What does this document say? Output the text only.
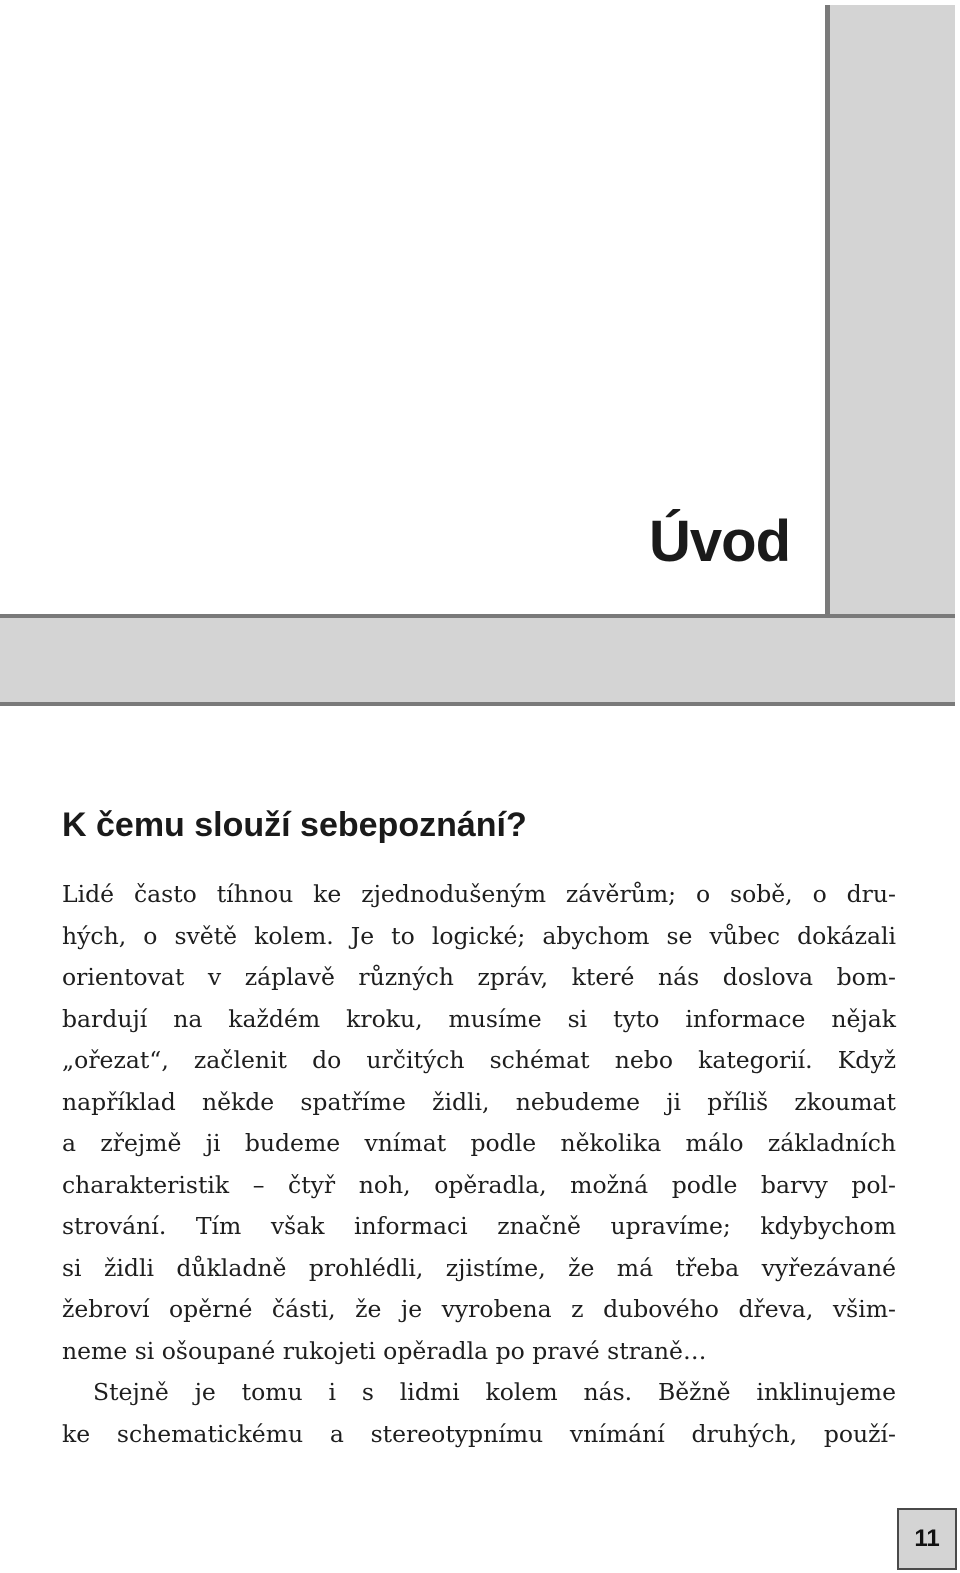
Úvod
K čemu slouží sebepoznání?
Lidé často tíhnou ke zjednodušeným závěrům; o sobě, o dru-
hých, o světě kolem. Je to logické; abychom se vůbec dokázali
orientovat v záplavě různých zpráv, které nás doslova bom-
bardují na každém kroku, musíme si tyto informace nějak
„ořezat“, začlenit do určitých schémat nebo kategorií. Když
například někde spatříme židli, nebudeme ji příliš zkoumat
a zřejmě ji budeme vnímat podle několika málo základních
charakteristik – čtyř noh, opěradla, možná podle barvy pol-
strování. Tím však informaci značně upravíme; kdybychom
si židli důkladně prohlédli, zjistíme, že má třeba vyřezávané
žebroví opěrné části, že je vyrobena z dubového dřeva, všim-
neme si ošoupané rukojeti opěradla po pravé straně…
Stejně je tomu i s lidmi kolem nás. Běžně inklinujeme
ke schematickému a stereotypnímu vnímání druhých, použí-
11
